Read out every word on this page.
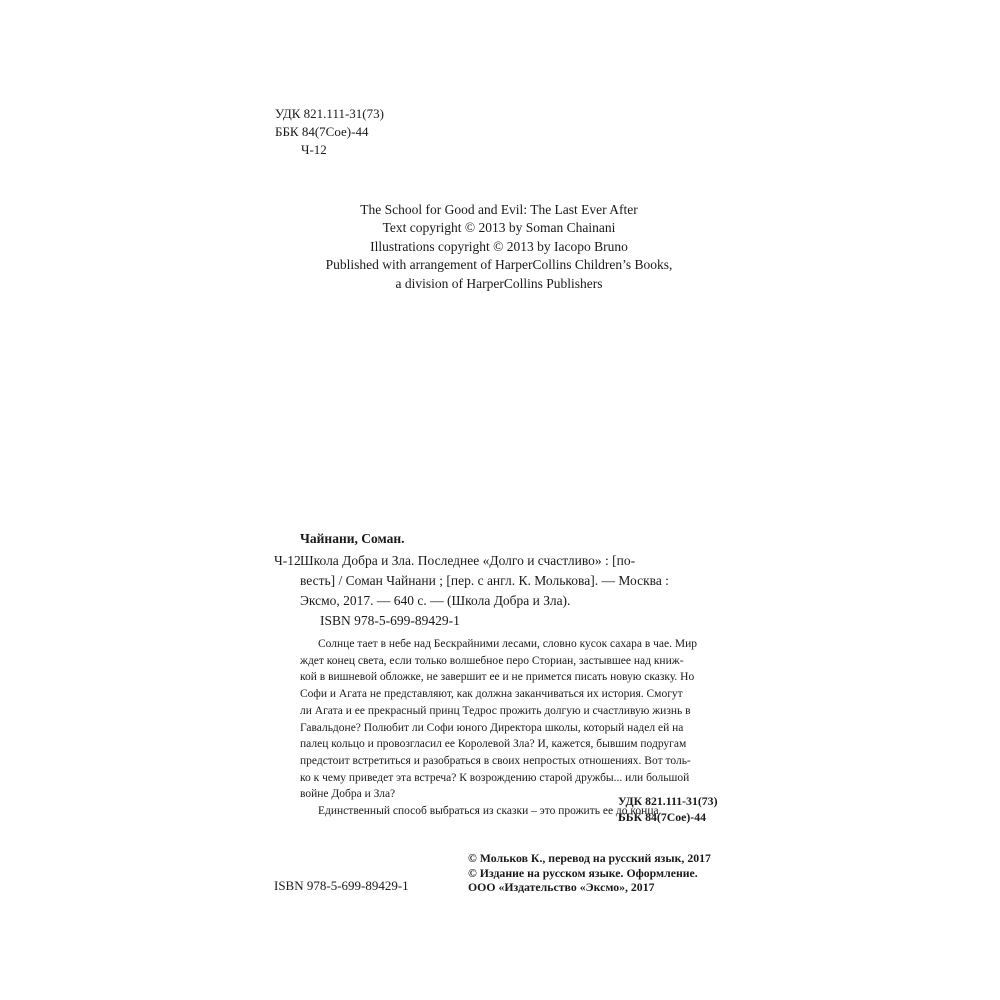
УДК 821.111-31(73)
ББК 84(7Сое)-44
Ч-12
The School for Good and Evil: The Last Ever After
Text copyright © 2013 by Soman Chainani
Illustrations copyright © 2013 by Iacopo Bruno
Published with arrangement of HarperCollins Children’s Books,
a division of HarperCollins Publishers
Чайнани, Соман.
Ч-12 Школа Добра и Зла. Последнее «Долго и счастливо» : [по-
весть] / Соман Чайнани ; [пер. с англ. К. Молькова]. — Москва :
Эксмо, 2017. — 640 с. — (Школа Добра и Зла).
ISBN 978-5-699-89429-1
Солнце тает в небе над Бескрайними лесами, словно кусок сахара в чае. Мир
ждет конец света, если только волшебное перо Сториан, застывшее над книж-
кой в вишневой обложке, не завершит ее и не примется писать новую сказку. Но
Софи и Агата не представляют, как должна заканчиваться их история. Смогут
ли Агата и ее прекрасный принц Тедрос прожить долгую и счастливую жизнь в
Гавальдоне? Полюбит ли Софи юного Директора школы, который надел ей на
палец кольцо и провозгласил ее Королевой Зла? И, кажется, бывшим подругам
предстоит встретиться и разобраться в своих непростых отношениях. Вот толь-
ко к чему приведет эта встреча? К возрождению старой дружбы... или большой
войне Добра и Зла?
Единственный способ выбраться из сказки – это прожить ее до конца.
УДК 821.111-31(73)
ББК 84(7Сое)-44
© Мольков К., перевод на русский язык, 2017
© Издание на русском языке. Оформление.
ООО «Издательство «Эксмо», 2017
ISBN 978-5-699-89429-1
